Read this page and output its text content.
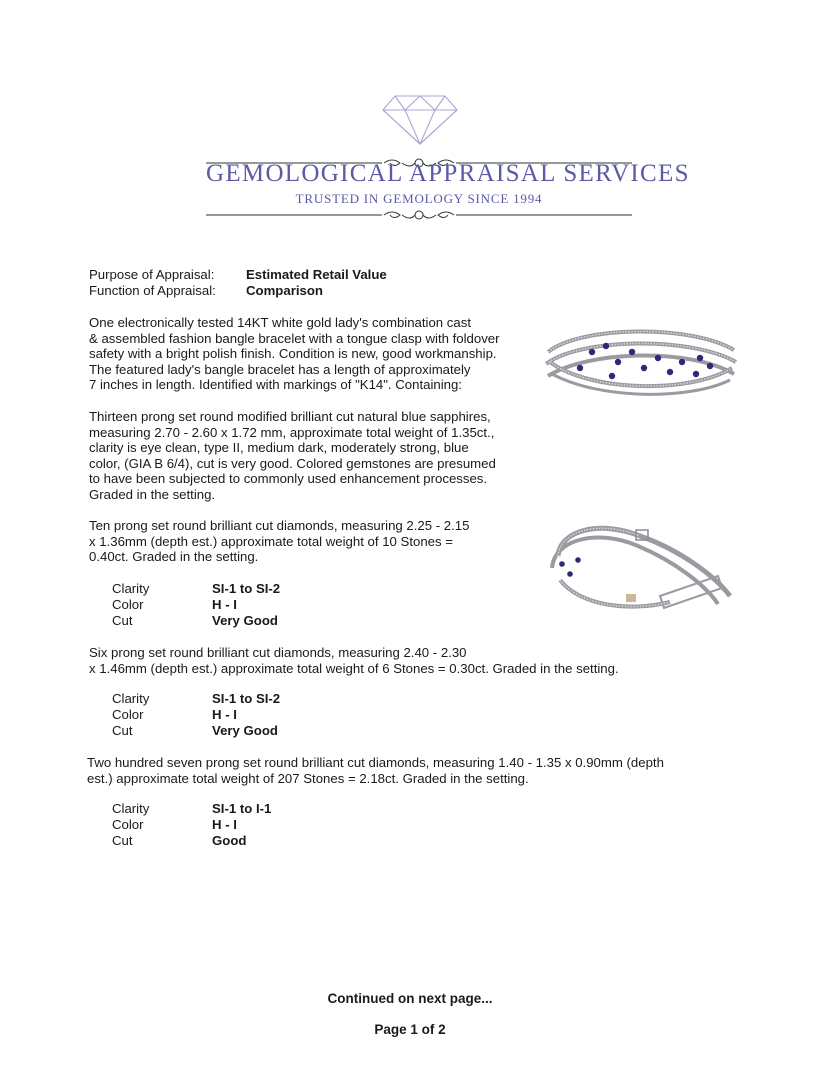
GEMOLOGICAL APPRAISAL SERVICES
TRUSTED IN GEMOLOGY SINCE 1994
Purpose of Appraisal: Estimated Retail Value
Function of Appraisal: Comparison
One electronically tested 14KT white gold lady's combination cast
& assembled fashion bangle bracelet with a tongue clasp with foldover
safety with a bright polish finish. Condition is new, good workmanship.
The featured lady's bangle bracelet has a length of approximately
7 inches in length. Identified with markings of "K14". Containing:
Thirteen prong set round modified brilliant cut natural blue sapphires,
measuring 2.70 - 2.60 x 1.72 mm, approximate total weight of 1.35ct.,
clarity is eye clean, type II, medium dark, moderately strong, blue
color, (GIA B 6/4), cut is very good. Colored gemstones are presumed
to have been subjected to commonly used enhancement processes.
Graded in the setting.
Ten prong set round brilliant cut diamonds, measuring 2.25 - 2.15
x 1.36mm (depth est.) approximate total weight of 10 Stones =
0.40ct. Graded in the setting.
Clarity	SI-1 to SI-2
Color	H - I
Cut	Very Good
Six prong set round brilliant cut diamonds, measuring 2.40 - 2.30
x 1.46mm (depth est.) approximate total weight of 6 Stones = 0.30ct. Graded in the setting.
Clarity	SI-1 to SI-2
Color	H - I
Cut	Very Good
Two hundred seven prong set round brilliant cut diamonds, measuring 1.40 - 1.35 x 0.90mm (depth
est.) approximate total weight of 207 Stones = 2.18ct. Graded in the setting.
Clarity	SI-1 to I-1
Color	H - I
Cut	Good
Continued on next page...
Page 1 of 2
